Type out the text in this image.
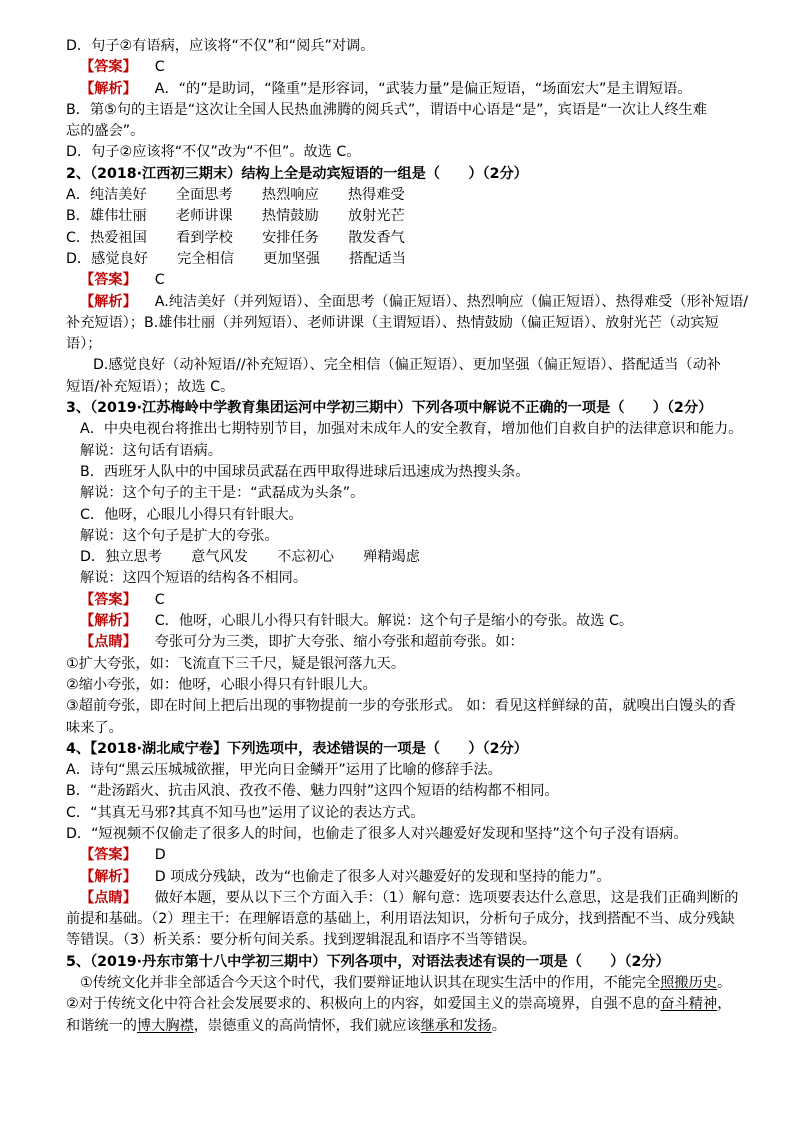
D．句子②有语病，应该将“不仅”和“阅兵”对调。
【答案】 C
【解析】 A．“的”是助词，“隆重”是形容词，“武装力量”是偏正短语，“场面宏大”是主谓短语。
B．第⑤句的主语是“这次让全国人民热血沸腾的阅兵式”，谓语中心语是“是”，宾语是“一次让人终生难
忘的盛会”。
D．句子②应该将“不仅”改为“不但”。故选 C。
2、（2018·江西初三期末）结构上全是动宾短语的一组是（　　）（2分）
A．纯洁美好 全面思考 热烈响应 热得难受
B．雄伟壮丽 老师讲课 热情鼓励 放射光芒
C．热爱祖国 看到学校 安排任务 散发香气
D．感觉良好 完全相信 更加坚强 搭配适当
【答案】 C
【解析】 A.纯洁美好（并列短语）、全面思考（偏正短语）、热烈响应（偏正短语）、热得难受（形补短语/
补充短语）；B.雄伟壮丽（并列短语）、老师讲课（主谓短语）、热情鼓励（偏正短语）、放射光芒（动宾短
语）；
D.感觉良好（动补短语//补充短语）、完全相信（偏正短语）、更加坚强（偏正短语）、搭配适当（动补
短语/补充短语）；故选 C。
3、（2019·江苏梅岭中学教育集团运河中学初三期中）下列各项中解说不正确的一项是（　　）（2分）
A．中央电视台将推出七期特别节目，加强对未成年人的安全教育，增加他们自救自护的法律意识和能力。
解说：这句话有语病。
B．西班牙人队中的中国球员武磊在西甲取得进球后迅速成为热搜头条。
解说：这个句子的主干是：“武磊成为头条”。
C．他呀，心眼儿小得只有针眼大。
解说：这个句子是扩大的夸张。
D．独立思考 意气风发 不忘初心 殚精竭虑
解说：这四个短语的结构各不相同。
【答案】 C
【解析】 C．他呀，心眼儿小得只有针眼大。解说：这个句子是缩小的夸张。故选 C。
【点睛】 夸张可分为三类，即扩大夸张、缩小夸张和超前夸张。如：
①扩大夸张，如：飞流直下三千尺，疑是银河落九天。
②缩小夸张，如：他呀，心眼小得只有针眼儿大。
③超前夸张，即在时间上把后出现的事物提前一步的夸张形式。 如：看见这样鲜绿的苗，就嗅出白馒头的香
味来了。
4、【2018·湖北咸宁卷】下列选项中，表述错误的一项是（　　）（2分）
A．诗句“黑云压城城欲摧，甲光向日金鳞开”运用了比喻的修辞手法。
B．“赴汤蹈火、抗击风浪、孜孜不倦、魅力四射”这四个短语的结构都不相同。
C．“其真无马邪?其真不知马也”运用了议论的表达方式。
D．“短视频不仅偷走了很多人的时间，也偷走了很多人对兴趣爱好发现和坚持”这个句子没有语病。
【答案】 D
【解析】 D 项成分残缺，改为“也偷走了很多人对兴趣爱好的发现和坚持的能力”。
【点睛】 做好本题，要从以下三个方面入手：（1）解句意：选项要表达什么意思，这是我们正确判断的
前提和基础。（2）理主干：在理解语意的基础上，利用语法知识，分析句子成分，找到搭配不当、成分残缺
等错误。（3）析关系：要分析句间关系。找到逻辑混乱和语序不当等错误。
5、（2019·丹东市第十八中学初三期中）下列各项中，对语法表述有误的一项是（　　）（2分）
①传统文化并非全部适合今天这个时代，我们要辩证地认识其在现实生活中的作用，不能完全照搬历史。
②对于传统文化中符合社会发展要求的、积极向上的内容，如爱国主义的崇高境界，自强不息的奋斗精神，
和谐统一的博大胸襟，崇德重义的高尚情怀，我们就应该继承和发扬。
